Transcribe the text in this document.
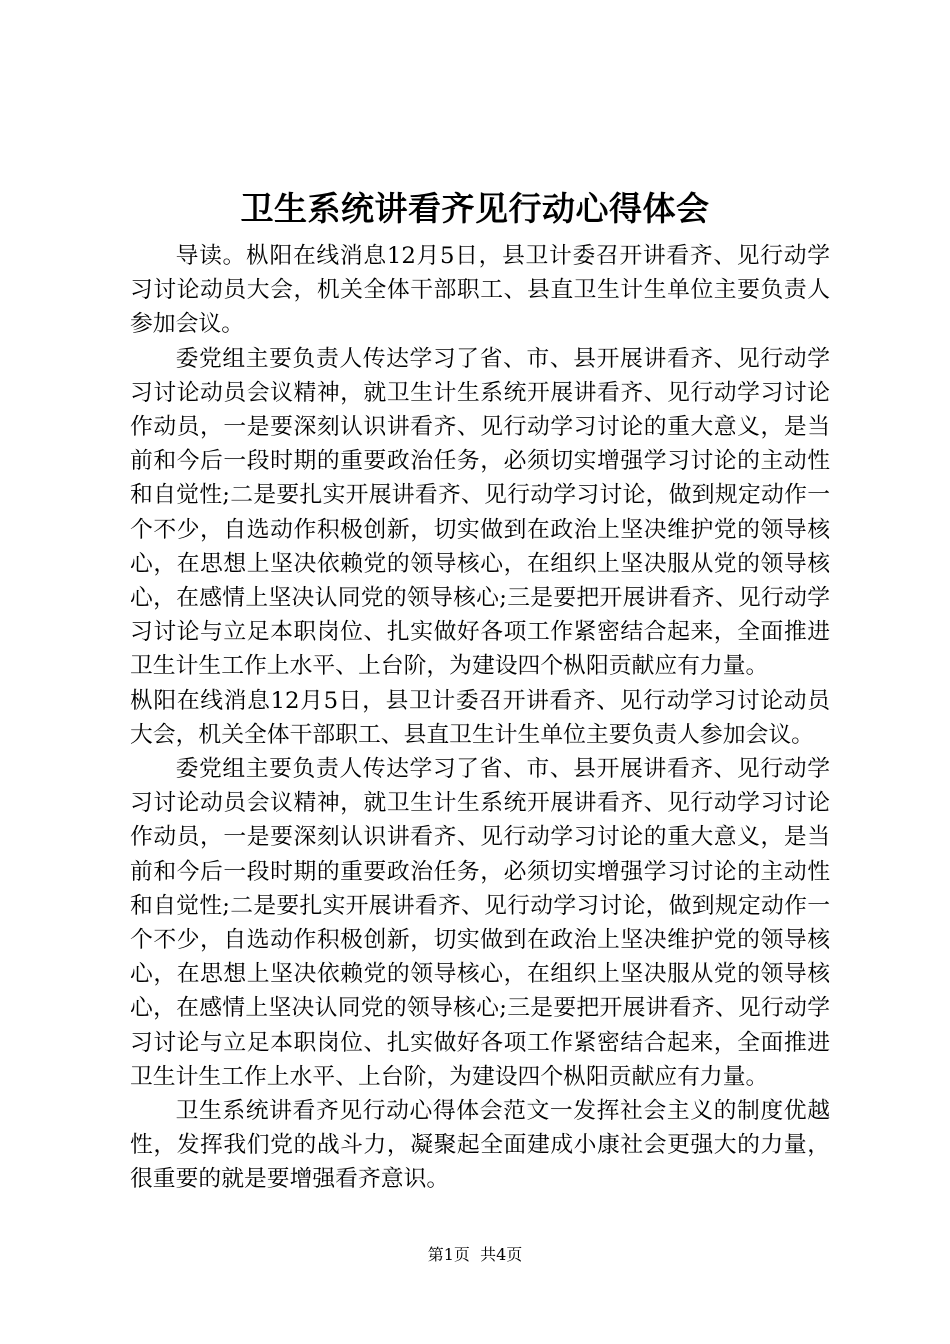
卫生系统讲看齐见行动心得体会

导读。枞阳在线消息12月5日，县卫计委召开讲看齐、见行动学习讨论动员大会，机关全体干部职工、县直卫生计生单位主要负责人参加会议。

委党组主要负责人传达学习了省、市、县开展讲看齐、见行动学习讨论动员会议精神，就卫生计生系统开展讲看齐、见行动学习讨论作动员，一是要深刻认识讲看齐、见行动学习讨论的重大意义，是当前和今后一段时期的重要政治任务，必须切实增强学习讨论的主动性和自觉性;二是要扎实开展讲看齐、见行动学习讨论，做到规定动作一个不少，自选动作积极创新，切实做到在政治上坚决维护党的领导核心，在思想上坚决依赖党的领导核心，在组织上坚决服从党的领导核心，在感情上坚决认同党的领导核心;三是要把开展讲看齐、见行动学习讨论与立足本职岗位、扎实做好各项工作紧密结合起来，全面推进卫生计生工作上水平、上台阶，为建设四个枞阳贡献应有力量。

枞阳在线消息12月5日，县卫计委召开讲看齐、见行动学习讨论动员大会，机关全体干部职工、县直卫生计生单位主要负责人参加会议。

委党组主要负责人传达学习了省、市、县开展讲看齐、见行动学习讨论动员会议精神，就卫生计生系统开展讲看齐、见行动学习讨论作动员，一是要深刻认识讲看齐、见行动学习讨论的重大意义，是当前和今后一段时期的重要政治任务，必须切实增强学习讨论的主动性和自觉性;二是要扎实开展讲看齐、见行动学习讨论，做到规定动作一个不少，自选动作积极创新，切实做到在政治上坚决维护党的领导核心，在思想上坚决依赖党的领导核心，在组织上坚决服从党的领导核心，在感情上坚决认同党的领导核心;三是要把开展讲看齐、见行动学习讨论与立足本职岗位、扎实做好各项工作紧密结合起来，全面推进卫生计生工作上水平、上台阶，为建设四个枞阳贡献应有力量。

卫生系统讲看齐见行动心得体会范文一发挥社会主义的制度优越性，发挥我们党的战斗力，凝聚起全面建成小康社会更强大的力量，很重要的就是要增强看齐意识。

第1页 共4页
